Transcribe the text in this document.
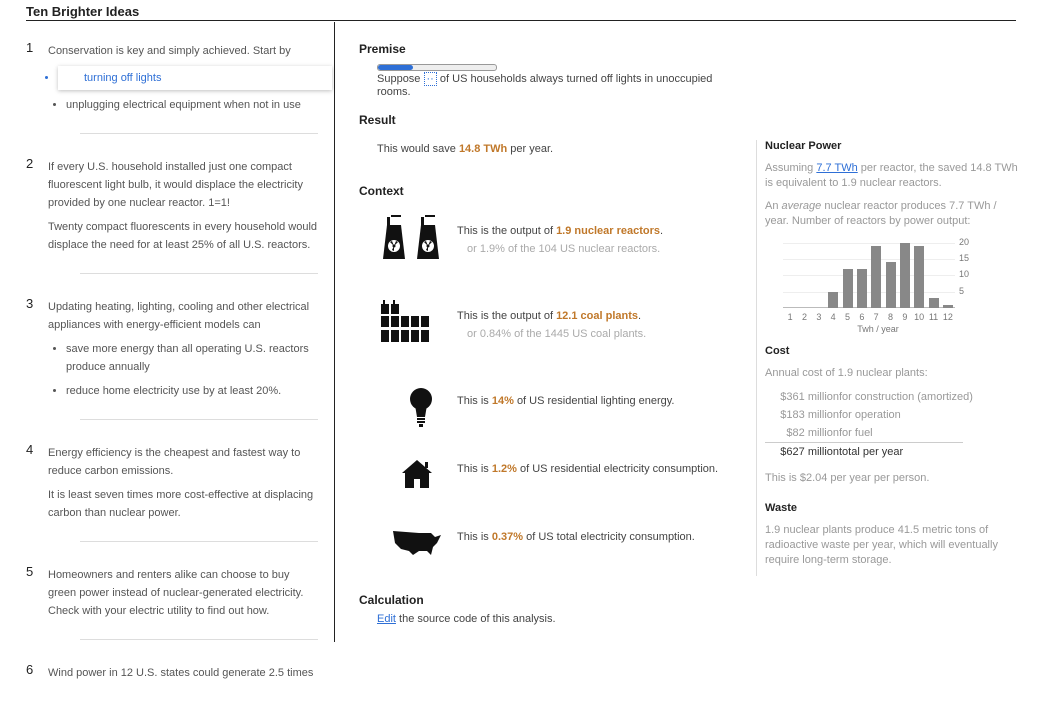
Ten Brighter Ideas
1 Conservation is key and simply achieved. Start by

• turning off lights
• unplugging electrical equipment when not in use
2 If every U.S. household installed just one compact fluorescent light bulb, it would displace the electricity provided by one nuclear reactor. 1=1!

Twenty compact fluorescents in every household would displace the need for at least 25% of all U.S. reactors.

3 Updating heating, lighting, cooling and other electrical appliances with energy-efficient models can

• save more energy than all operating U.S. reactors produce annually
• reduce home electricity use by at least 20%.
4 Energy efficiency is the cheapest and fastest way to reduce carbon emissions.

It is least seven times more cost-effective at displacing carbon than nuclear power.

5 Homeowners and renters alike can choose to buy green power instead of nuclear-generated electricity. Check with your electric utility to find out how.

6 Wind power in 12 U.S. states could generate 2.5 times

Premise
Suppose ·· of US households always turned off lights in unoccupied rooms.
Result
This would save 14.8 TWh per year.
Context
This is the output of 1.9 nuclear reactors.
or 1.9% of the 104 US nuclear reactors.
This is the output of 12.1 coal plants.
or 0.84% of the 1445 US coal plants.
This is 14% of US residential lighting energy.
This is 1.2% of US residential electricity consumption.
This is 0.37% of US total electricity consumption.
Calculation
Edit the source code of this analysis.
Nuclear Power
Assuming 7.7 TWh per reactor, the saved 14.8 TWh is equivalent to 1.9 nuclear reactors.
An average nuclear reactor produces 7.7 TWh / year. Number of reactors by power output:
5
10
15
20
1	2	3	4	5	6	7	8	9 10 11 12
Twh / year
Cost
Annual cost of 1.9 nuclear plants:
$361 millionfor construction (amortized)
$183 millionfor operation
$82 millionfor fuel
$627 milliontotal per year
This is $2.04 per year per person.
Waste
1.9 nuclear plants produce 41.5 metric tons of radioactive waste per year, which will eventually require long-term storage.
